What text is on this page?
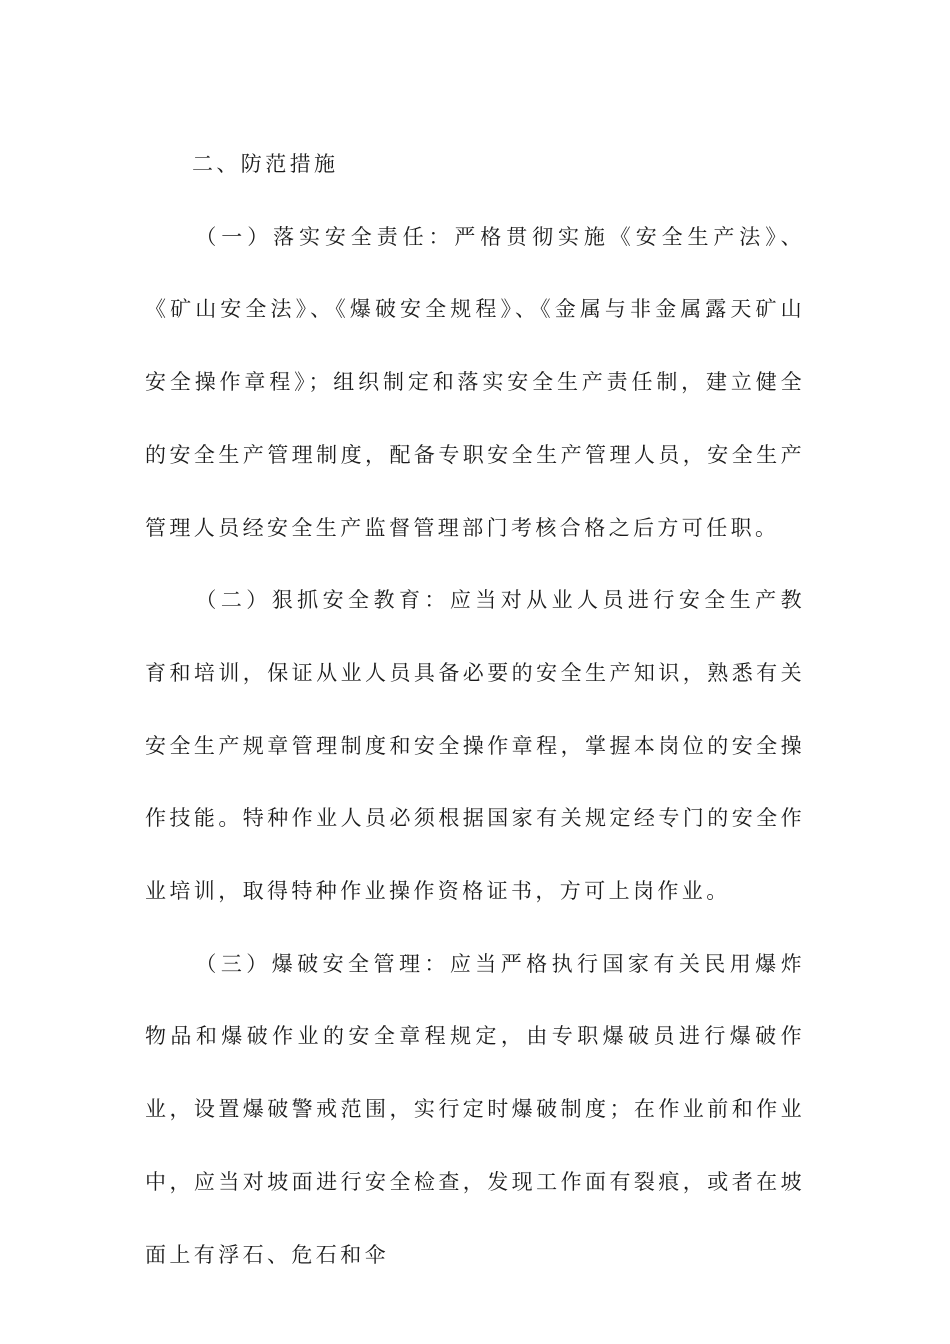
二、防范措施

（一）落实安全责任：严格贯彻实施《安全生产法》、《矿山安全法》、《爆破安全规程》、《金属与非金属露天矿山安全操作章程》；组织制定和落实安全生产责任制，建立健全的安全生产管理制度，配备专职安全生产管理人员，安全生产管理人员经安全生产监督管理部门考核合格之后方可任职。

（二）狠抓安全教育：应当对从业人员进行安全生产教育和培训，保证从业人员具备必要的安全生产知识，熟悉有关安全生产规章管理制度和安全操作章程，掌握本岗位的安全操作技能。特种作业人员必须根据国家有关规定经专门的安全作业培训，取得特种作业操作资格证书，方可上岗作业。

（三）爆破安全管理：应当严格执行国家有关民用爆炸物品和爆破作业的安全章程规定，由专职爆破员进行爆破作业，设置爆破警戒范围，实行定时爆破制度；在作业前和作业中，应当对坡面进行安全检查，发现工作面有裂痕，或者在坡面上有浮石、危石和伞
